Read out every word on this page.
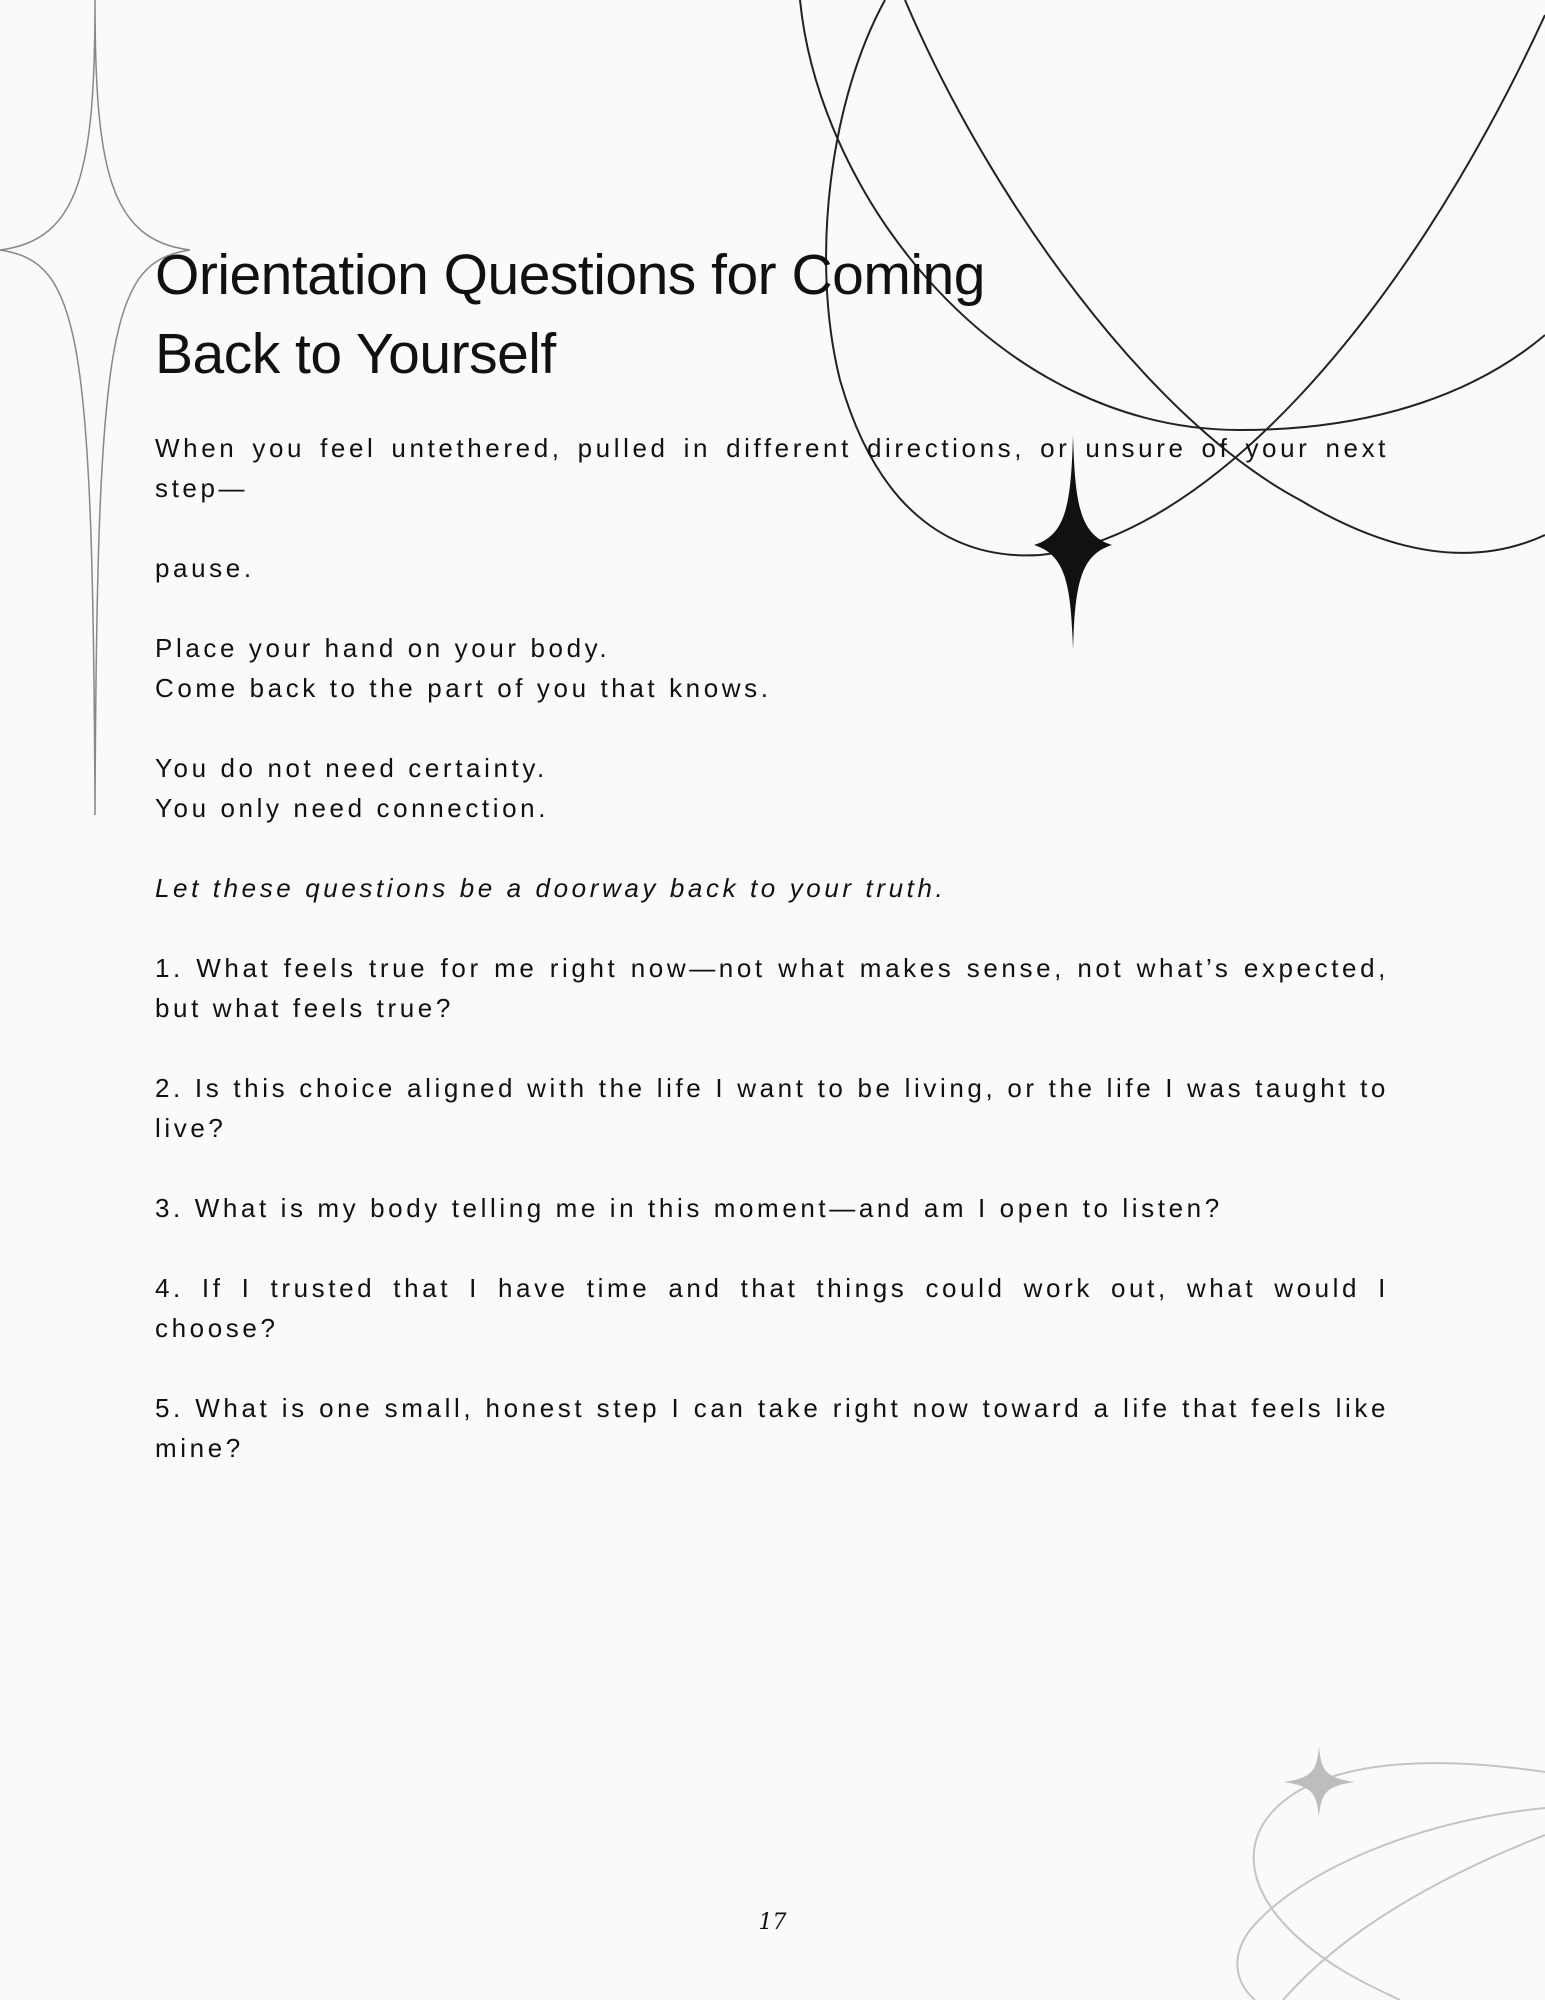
Orientation Questions for Coming
Back to Yourself

When you feel untethered, pulled in different directions, or unsure of your next step—

pause.

Place your hand on your body.
Come back to the part of you that knows.

You do not need certainty.
You only need connection.

Let these questions be a doorway back to your truth.

1. What feels true for me right now—not what makes sense, not what’s expected, but what feels true?

2. Is this choice aligned with the life I want to be living, or the life I was taught to live?

3. What is my body telling me in this moment—and am I open to listen?

4. If I trusted that I have time and that things could work out, what would I choose?

5. What is one small, honest step I can take right now toward a life that feels like mine?

17
